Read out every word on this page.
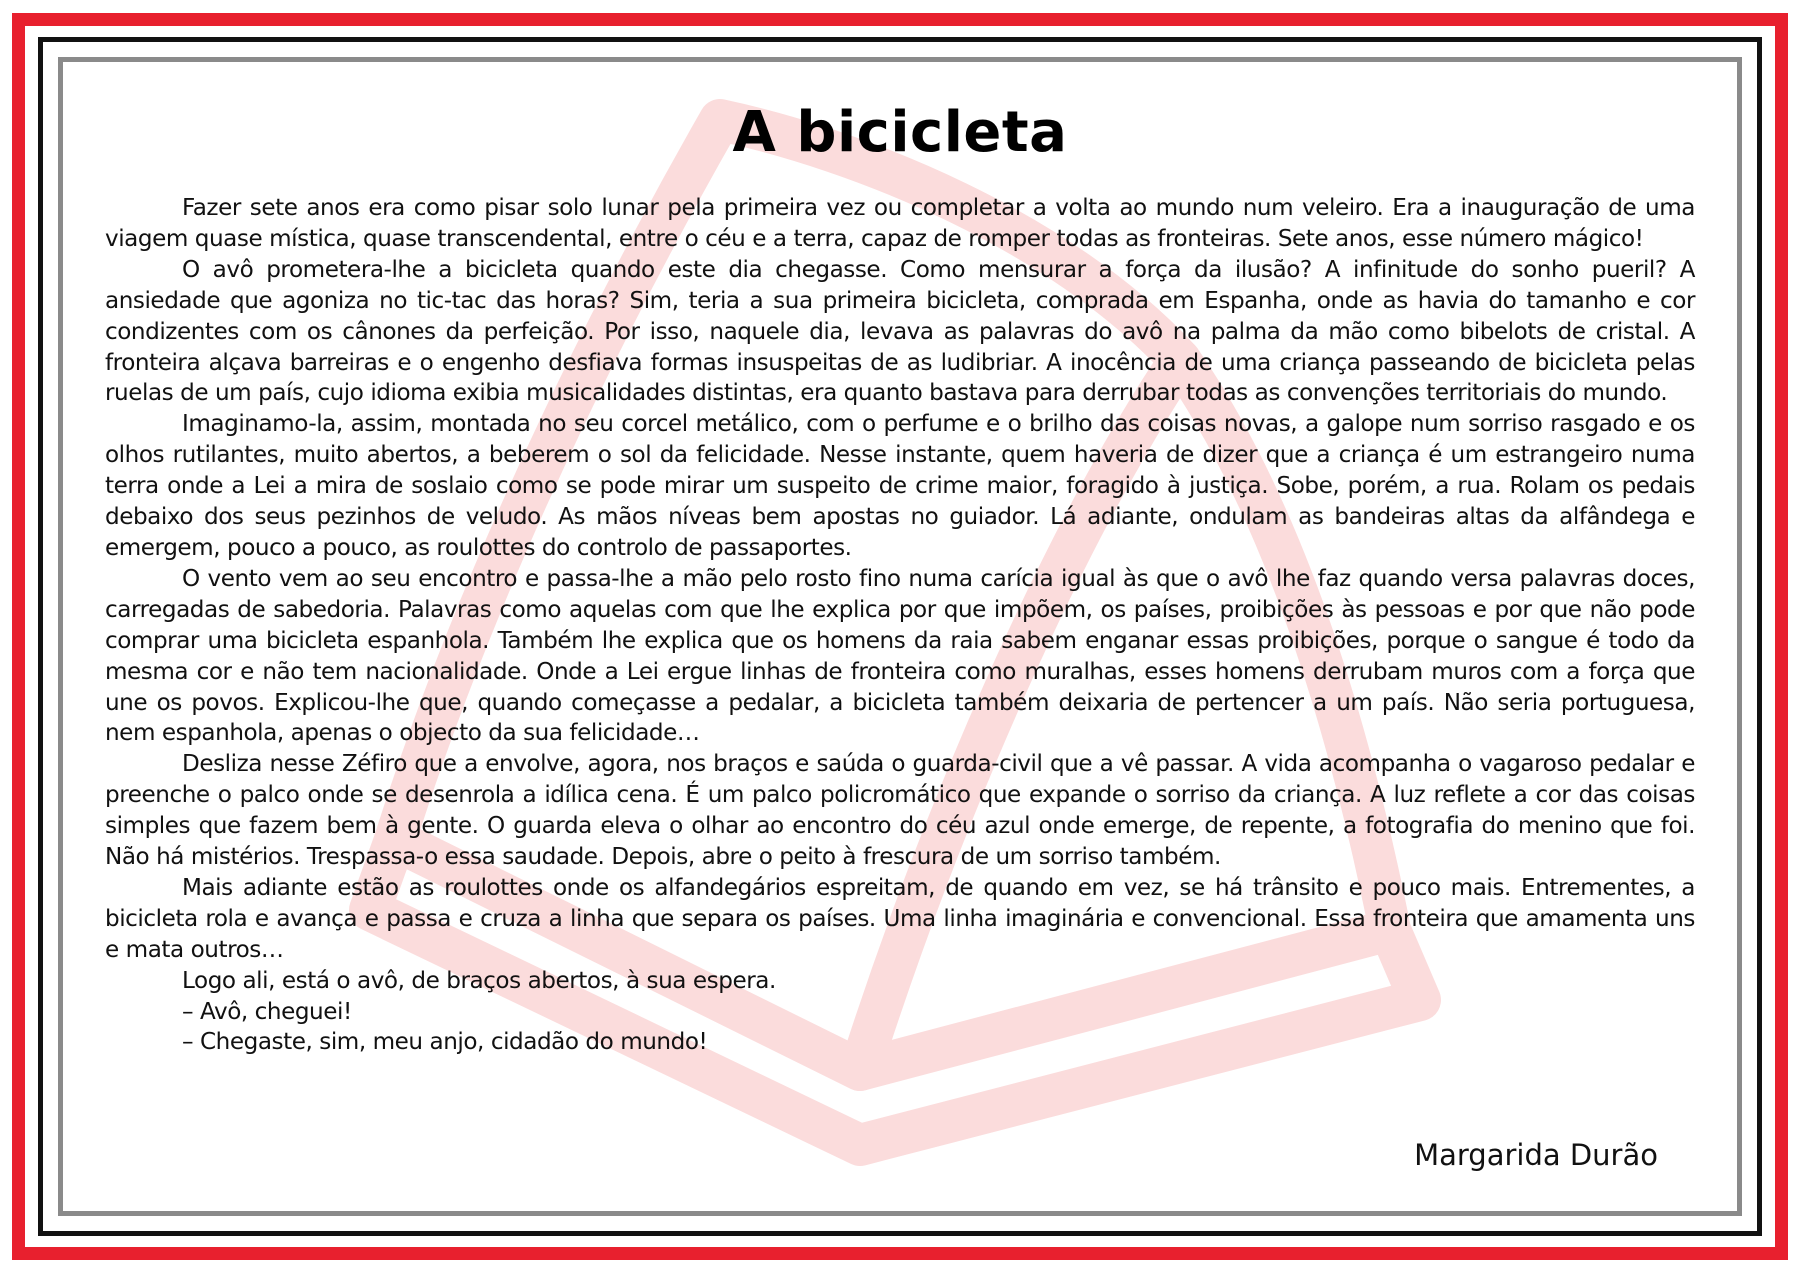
A bicicleta

Fazer sete anos era como pisar solo lunar pela primeira vez ou completar a volta ao mundo num veleiro. Era a inauguração de uma viagem quase mística, quase transcendental, entre o céu e a terra, capaz de romper todas as fronteiras. Sete anos, esse número mágico!

O avô prometera-lhe a bicicleta quando este dia chegasse. Como mensurar a força da ilusão? A infinitude do sonho pueril? A ansiedade que agoniza no tic-tac das horas? Sim, teria a sua primeira bicicleta, comprada em Espanha, onde as havia do tamanho e cor condizentes com os cânones da perfeição. Por isso, naquele dia, levava as palavras do avô na palma da mão como bibelots de cristal. A fronteira alçava barreiras e o engenho desfiava formas insuspeitas de as ludibriar. A inocência de uma criança passeando de bicicleta pelas ruelas de um país, cujo idioma exibia musicalidades distintas, era quanto bastava para derrubar todas as convenções territoriais do mundo.

Imaginamo-la, assim, montada no seu corcel metálico, com o perfume e o brilho das coisas novas, a galope num sorriso rasgado e os olhos rutilantes, muito abertos, a beberem o sol da felicidade. Nesse instante, quem haveria de dizer que a criança é um estrangeiro numa terra onde a Lei a mira de soslaio como se pode mirar um suspeito de crime maior, foragido à justiça. Sobe, porém, a rua. Rolam os pedais debaixo dos seus pezinhos de veludo. As mãos níveas bem apostas no guiador. Lá adiante, ondulam as bandeiras altas da alfândega e emergem, pouco a pouco, as roulottes do controlo de passaportes.

O vento vem ao seu encontro e passa-lhe a mão pelo rosto fino numa carícia igual às que o avô lhe faz quando versa palavras doces, carregadas de sabedoria. Palavras como aquelas com que lhe explica por que impõem, os países, proibições às pessoas e por que não pode comprar uma bicicleta espanhola. Também lhe explica que os homens da raia sabem enganar essas proibições, porque o sangue é todo da mesma cor e não tem nacionalidade. Onde a Lei ergue linhas de fronteira como muralhas, esses homens derrubam muros com a força que une os povos. Explicou-lhe que, quando começasse a pedalar, a bicicleta também deixaria de pertencer a um país. Não seria portuguesa, nem espanhola, apenas o objecto da sua felicidade…

Desliza nesse Zéfiro que a envolve, agora, nos braços e saúda o guarda-civil que a vê passar. A vida acompanha o vagaroso pedalar e preenche o palco onde se desenrola a idílica cena. É um palco policromático que expande o sorriso da criança. A luz reflete a cor das coisas simples que fazem bem à gente. O guarda eleva o olhar ao encontro do céu azul onde emerge, de repente, a fotografia do menino que foi. Não há mistérios. Trespassa-o essa saudade. Depois, abre o peito à frescura de um sorriso também.

Mais adiante estão as roulottes onde os alfandegários espreitam, de quando em vez, se há trânsito e pouco mais. Entrementes, a bicicleta rola e avança e passa e cruza a linha que separa os países. Uma linha imaginária e convencional. Essa fronteira que amamenta uns e mata outros…

Logo ali, está o avô, de braços abertos, à sua espera.

– Avô, cheguei!

– Chegaste, sim, meu anjo, cidadão do mundo!

Margarida Durão
